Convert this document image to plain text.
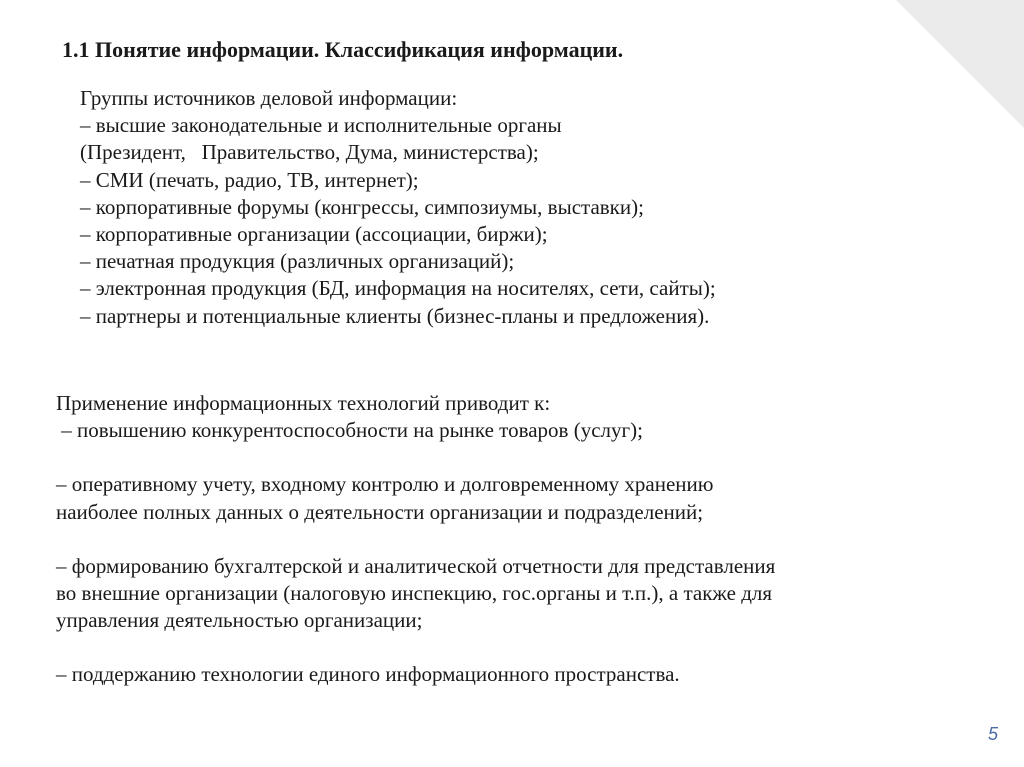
1.1 Понятие информации. Классификация информации.
Группы источников деловой информации:
– высшие законодательные и исполнительные органы
(Президент,   Правительство, Дума, министерства);
– СМИ (печать, радио, ТВ, интернет);
– корпоративные форумы (конгрессы, симпозиумы, выставки);
– корпоративные организации (ассоциации, биржи);
– печатная продукция (различных организаций);
– электронная продукция (БД, информация на носителях, сети, сайты);
– партнеры и потенциальные клиенты (бизнес-планы и предложения).
Применение информационных технологий приводит к:
– повышению конкурентоспособности на рынке товаров (услуг);
– оперативному учету, входному контролю и долговременному хранению
наиболее полных данных о деятельности организации и подразделений;
– формированию бухгалтерской и аналитической отчетности для представления
во внешние организации (налоговую инспекцию, гос.органы и т.п.), а также для
управления деятельностью организации;
– поддержанию технологии единого информационного пространства.
5
